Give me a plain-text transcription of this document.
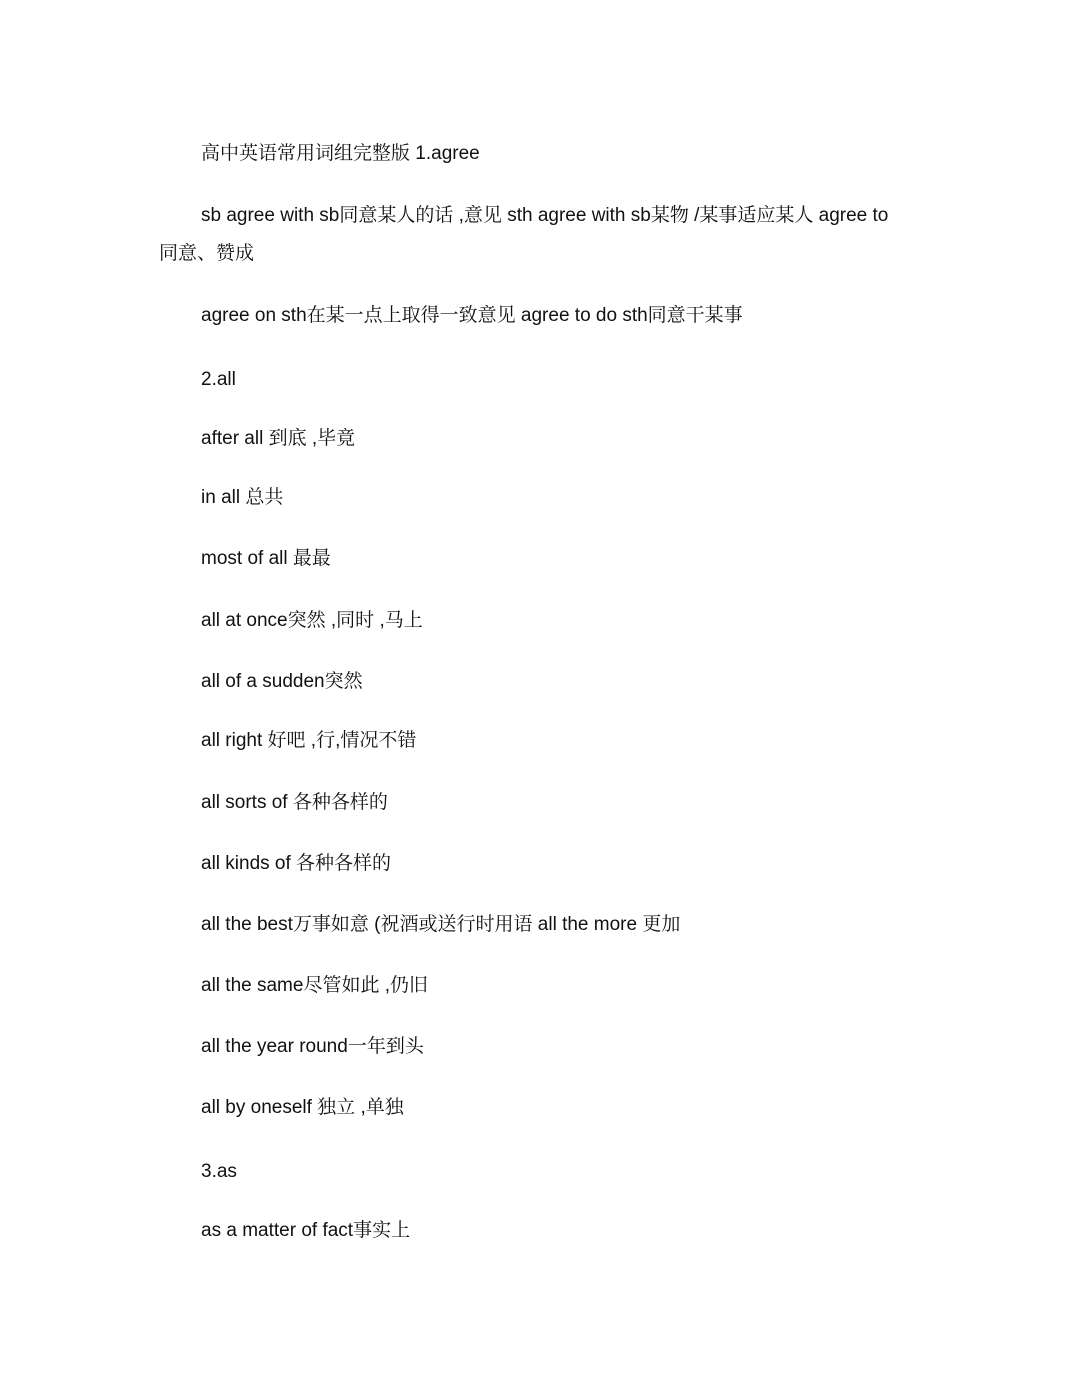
高中英语常用词组完整版 1.agree
sb agree with sb同意某人的话 ,意见 sth agree with sb某物 /某事适应某人 agree to
同意、赞成
agree on sth在某一点上取得一致意见 agree to do sth同意干某事
2.all
after all 到底 ,毕竟
in all 总共
most of all 最最
all at once突然 ,同时 ,马上
all of a sudden突然
all right 好吧 ,行,情况不错
all sorts of 各种各样的
all kinds of 各种各样的
all the best万事如意 (祝酒或送行时用语 all the more 更加
all the same尽管如此 ,仍旧
all the year round一年到头
all by oneself 独立 ,单独
3.as
as a matter of fact事实上
